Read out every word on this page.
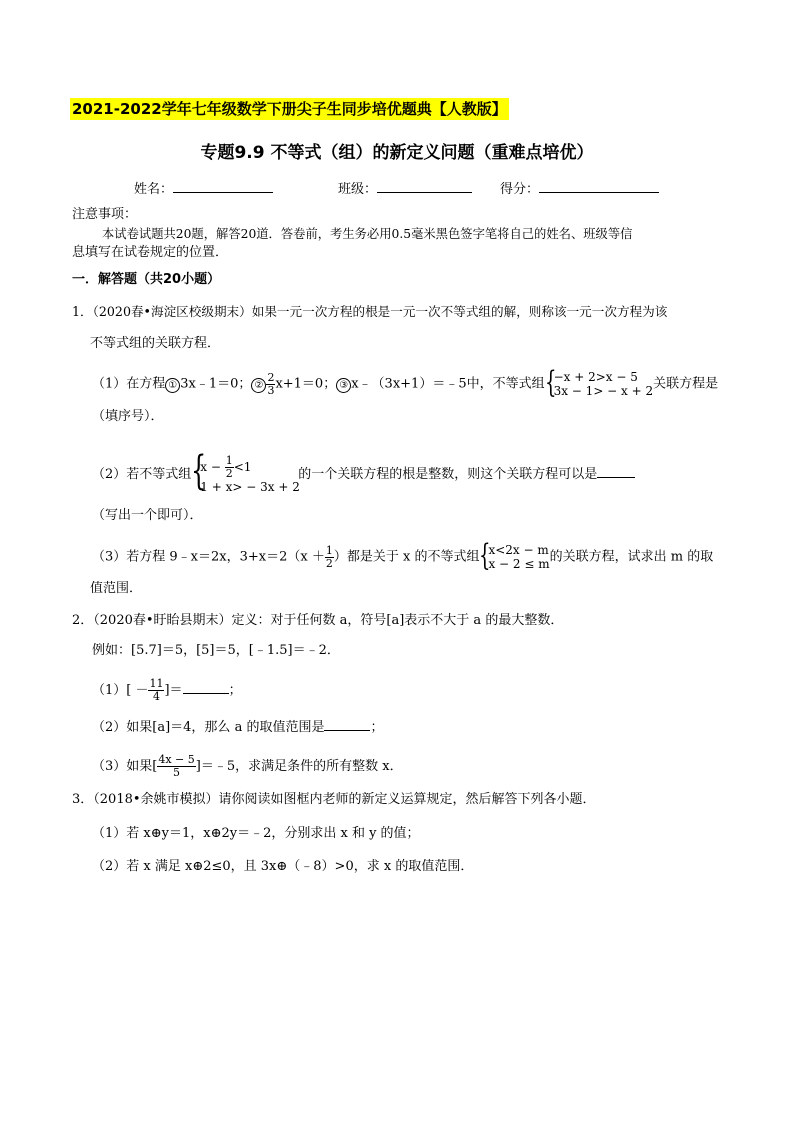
2021-2022学年七年级数学下册尖子生同步培优题典【人教版】
专题9.9 不等式（组）的新定义问题（重难点培优）
姓名：	班级：	得分：
注意事项：
本试卷试题共20题，解答20道．答卷前，考生务必用0.5毫米黑色签字笔将自己的姓名、班级等信
息填写在试卷规定的位置．
一．解答题（共20小题）
1．（2020春•海淀区校级期末）如果一元一次方程的根是一元一次不等式组的解，则称该一元一次方程为该
不等式组的关联方程．
（1）在方程 ① 3x﹣1＝0； ② $\frac{2}{3} x+1=0$； ③ x﹣（3x+1）＝﹣5中，不等式组 {
−x + 2>x − 5
3x − 1> − x + 2 关联方程是
（填序号）．
（2）若不等式组 {
$x - \frac{1}{2} <1$
1 + x> − 3x + 2
的一个关联方程的根是整数，则这个关联方程可以是
（写出一个即可）．
（3）若方程 9﹣x＝2x，$3+x=2(x + \frac{1}{2}$ ）都是关于 x 的不等式组 {
x<2x − m
x − 2 ≤ m 的关联方程，试求出 m 的取
值范围．
2．（2020春•盱眙县期末）定义：对于任何数 a，符号[a]表示不大于 a 的最大整数．
例如：[5.7]＝5，[5]＝5，[﹣1.5]＝﹣2．
$(1)[ - \frac{11}{4}$ ]＝	；
（2）如果[a]＝4，那么 a 的取值范围是	；
（3）如果[ $\frac{4x - 5}{5}$ ]＝﹣5，求满足条件的所有整数 x．
3．（2018•余姚市模拟）请你阅读如图框内老师的新定义运算规定，然后解答下列各小题．
（1）若 x⊕y＝1，x⊕2y＝﹣2，分别求出 x 和 y 的值；
（2）若 x 满足 x⊕2≤0，且 3x⊕（﹣8）>0，求 x 的取值范围．
